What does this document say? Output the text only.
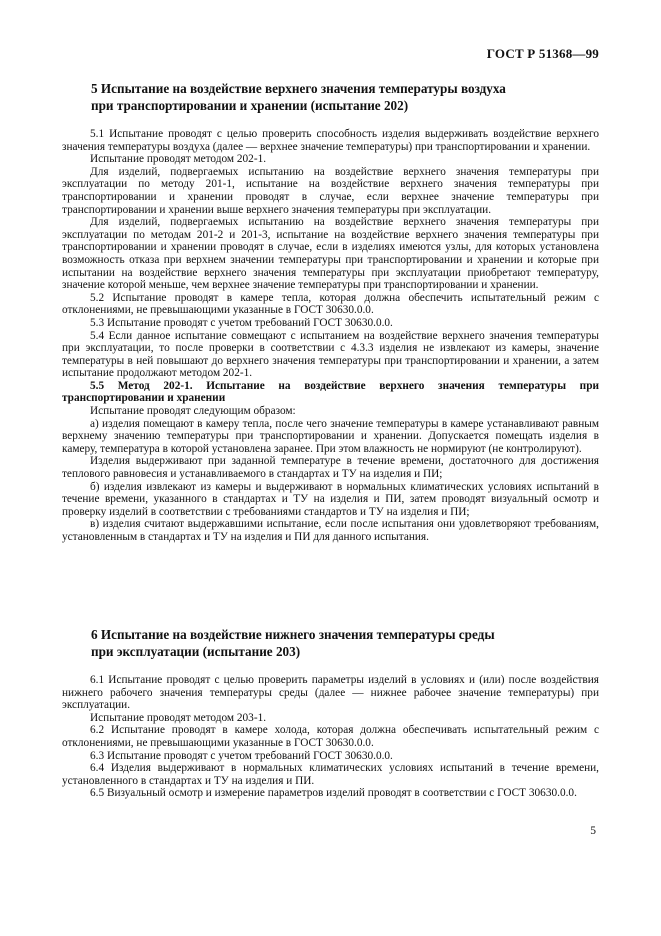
ГОСТ Р 51368—99
5 Испытание на воздействие верхнего значения температуры воздуха
при транспортировании и хранении (испытание 202)

5.1 Испытание проводят с целью проверить способность изделия выдерживать воздействие верхнего значения температуры воздуха (далее — верхнее значение температуры) при транспортировании и хранении.

Испытание проводят методом 202-1.

Для изделий, подвергаемых испытанию на воздействие верхнего значения температуры при эксплуатации по методу 201-1, испытание на воздействие верхнего значения температуры при транспортировании и хранении проводят в случае, если верхнее значение температуры при транспортировании и хранении выше верхнего значения температуры при эксплуатации.

Для изделий, подвергаемых испытанию на воздействие верхнего значения температуры при эксплуатации по методам 201-2 и 201-3, испытание на воздействие верхнего значения температуры при транспортировании и хранении проводят в случае, если в изделиях имеются узлы, для которых установлена возможность отказа при верхнем значении температуры при транспортировании и хранении и которые при испытании на воздействие верхнего значения температуры при эксплуатации приобретают температуру, значение которой меньше, чем верхнее значение температуры при транспортировании и хранении.

5.2 Испытание проводят в камере тепла, которая должна обеспечить испытательный режим с отклонениями, не превышающими указанные в ГОСТ 30630.0.0.

5.3 Испытание проводят с учетом требований ГОСТ 30630.0.0.

5.4 Если данное испытание совмещают с испытанием на воздействие верхнего значения температуры при эксплуатации, то после проверки в соответствии с 4.3.3 изделия не извлекают из камеры, значение температуры в ней повышают до верхнего значения температуры при транспортировании и хранении, а затем испытание продолжают методом 202-1.

5.5 Метод 202-1. Испытание на воздействие верхнего значения температуры при транспортировании и хранении

Испытание проводят следующим образом:

а) изделия помещают в камеру тепла, после чего значение температуры в камере устанавливают равным верхнему значению температуры при транспортировании и хранении. Допускается помещать изделия в камеру, температура в которой установлена заранее. При этом влажность не нормируют (не контролируют).

Изделия выдерживают при заданной температуре в течение времени, достаточного для достижения теплового равновесия и устанавливаемого в стандартах и ТУ на изделия и ПИ;

б) изделия извлекают из камеры и выдерживают в нормальных климатических условиях испытаний в течение времени, указанного в стандартах и ТУ на изделия и ПИ, затем проводят визуальный осмотр и проверку изделий в соответствии с требованиями стандартов и ТУ на изделия и ПИ;

в) изделия считают выдержавшими испытание, если после испытания они удовлетворяют требованиям, установленным в стандартах и ТУ на изделия и ПИ для данного испытания.

6 Испытание на воздействие нижнего значения температуры среды
при эксплуатации (испытание 203)

6.1 Испытание проводят с целью проверить параметры изделий в условиях и (или) после воздействия нижнего рабочего значения температуры среды (далее — нижнее рабочее значение температуры) при эксплуатации.

Испытание проводят методом 203-1.

6.2 Испытание проводят в камере холода, которая должна обеспечивать испытательный режим с отклонениями, не превышающими указанные в ГОСТ 30630.0.0.

6.3 Испытание проводят с учетом требований ГОСТ 30630.0.0.

6.4 Изделия выдерживают в нормальных климатических условиях испытаний в течение времени, установленного в стандартах и ТУ на изделия и ПИ.

6.5 Визуальный осмотр и измерение параметров изделий проводят в соответствии с ГОСТ 30630.0.0.

5
